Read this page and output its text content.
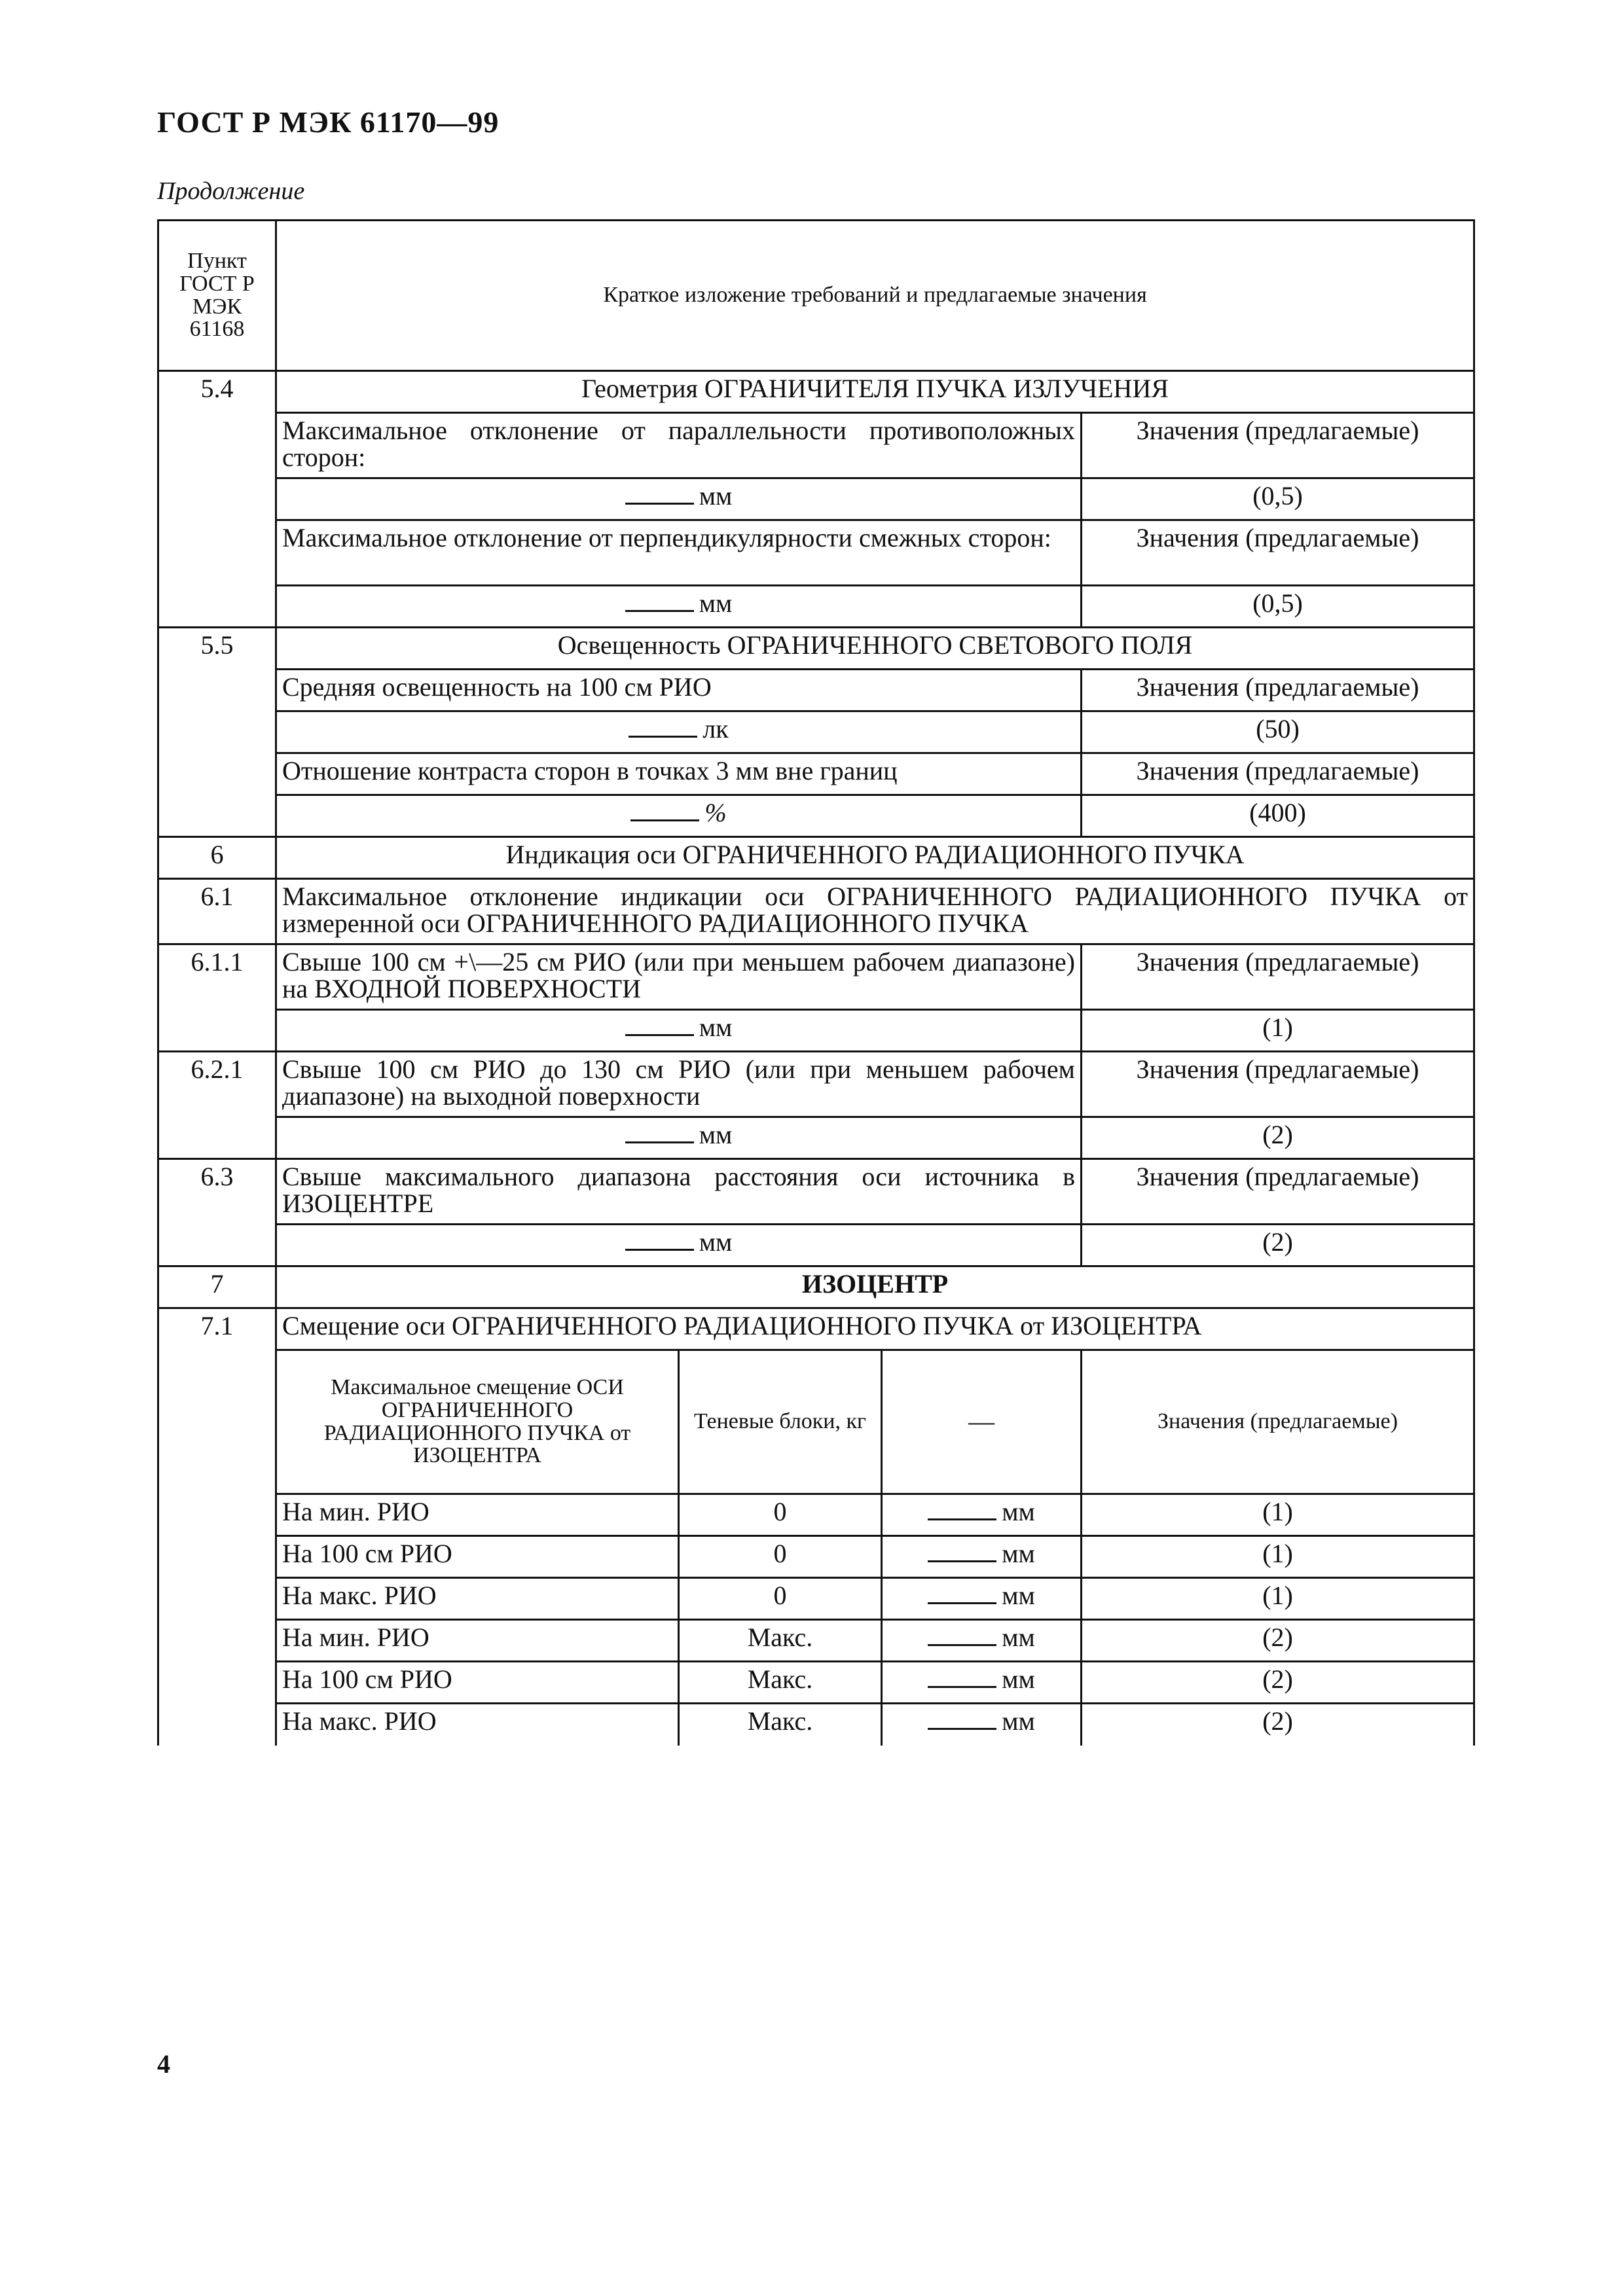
ГОСТ Р МЭК 61170—99
Продолжение
Пункт ГОСТ Р МЭК 61168	Краткое изложение требований и предлагаемые значения			
5.4	Геометрия ОГРАНИЧИТЕЛЯ ПУЧКА ИЗЛУЧЕНИЯ			
	Максимальное отклонение от параллельности противоположных сторон:			Значения (предлагаемые)
	мм			(0,5)
	Максимальное отклонение от перпендикулярности смежных сторон:			Значения (предлагаемые)
	мм			(0,5)
5.5	Освещенность ОГРАНИЧЕННОГО СВЕТОВОГО ПОЛЯ			
	Средняя освещенность на 100 см РИО			Значения (предлагаемые)
	лк			(50)
	Отношение контраста сторон в точках 3 мм вне границ			Значения (предлагаемые)
	%			(400)
6	Индикация оси ОГРАНИЧЕННОГО РАДИАЦИОННОГО ПУЧКА			
6.1	Максимальное отклонение индикации оси ОГРАНИЧЕННОГО РАДИАЦИОННОГО ПУЧКА от измеренной оси ОГРАНИЧЕННОГО РАДИАЦИОННОГО ПУЧКА			
6.1.1	Свыше 100 см +\—25 см РИО (или при меньшем рабочем диапазоне) на ВХОДНОЙ ПОВЕРХНОСТИ			Значения (предлагаемые)
	мм			(1)
6.2.1	Свыше 100 см РИО до 130 см РИО (или при меньшем рабочем диапазоне) на выходной поверхности			Значения (предлагаемые)
	мм			(2)
6.3	Свыше максимального диапазона расстояния оси источника в ИЗОЦЕНТРЕ			Значения (предлагаемые)
	мм			(2)
7	ИЗОЦЕНТР			
7.1	Смещение оси ОГРАНИЧЕННОГО РАДИАЦИОННОГО ПУЧКА от ИЗОЦЕНТРА			
	Максимальное смещение ОСИ ОГРАНИЧЕННОГО РАДИАЦИОННОГО ПУЧКА от ИЗОЦЕНТРА	Теневые блоки, кг	—	Значения (предлагаемые)
	На мин. РИО	0	мм	(1)
	На 100 см РИО	0	мм	(1)
	На макс. РИО	0	мм	(1)
	На мин. РИО	Макс.	мм	(2)
	На 100 см РИО	Макс.	мм	(2)
	На макс. РИО	Макс.	мм	(2)
4
